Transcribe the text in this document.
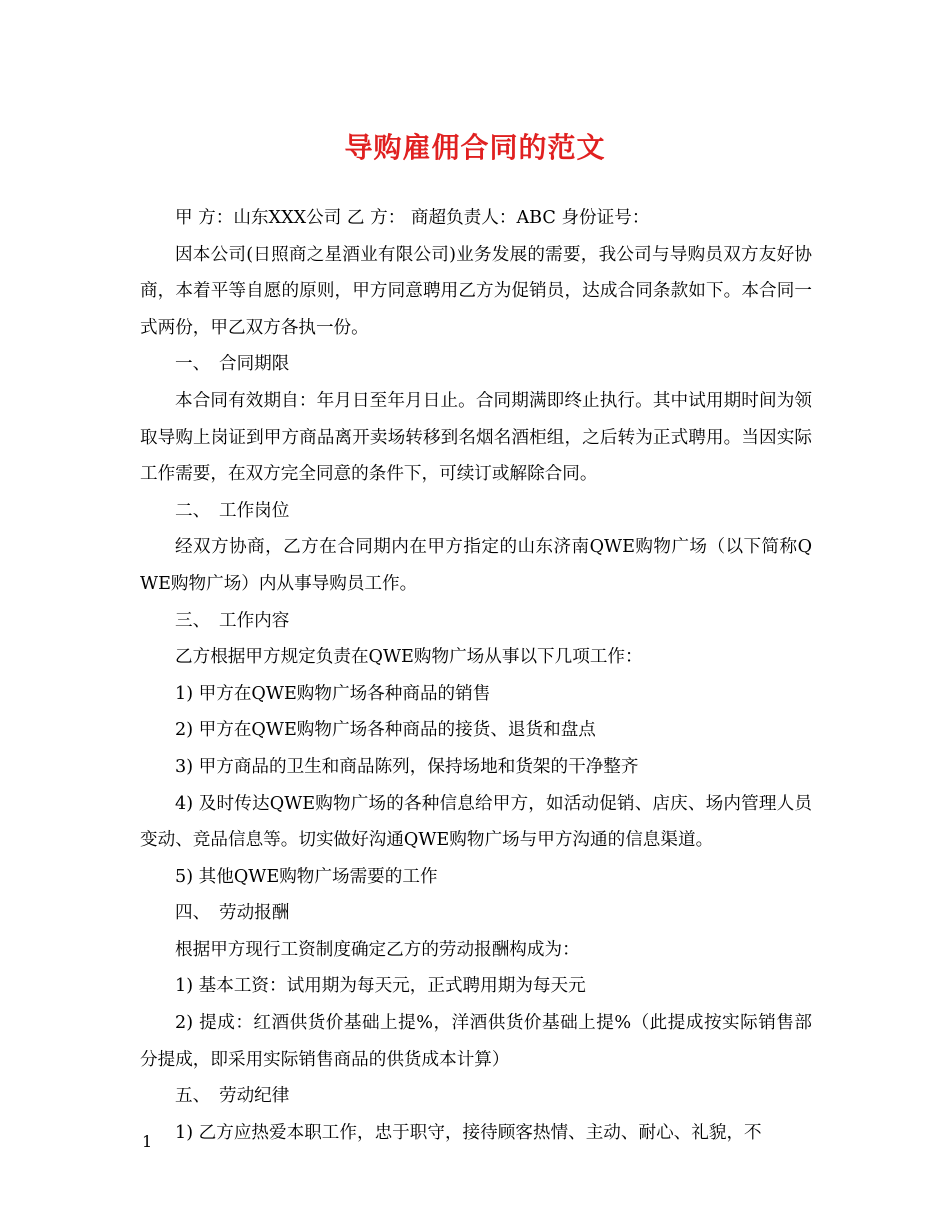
导购雇佣合同的范文

甲 方：山东XXX公司 乙 方： 商超负责人：ABC 身份证号：

因本公司(日照商之星酒业有限公司)业务发展的需要，我公司与导购员双方友好协商，本着平等自愿的原则，甲方同意聘用乙方为促销员，达成合同条款如下。本合同一式两份，甲乙双方各执一份。

一、　合同期限

本合同有效期自：年月日至年月日止。合同期满即终止执行。其中试用期时间为领取导购上岗证到甲方商品离开卖场转移到名烟名酒柜组，之后转为正式聘用。当因实际工作需要，在双方完全同意的条件下，可续订或解除合同。

二、　工作岗位

经双方协商，乙方在合同期内在甲方指定的山东济南QWE购物广场（以下简称QWE购物广场）内从事导购员工作。

三、　工作内容

乙方根据甲方规定负责在QWE购物广场从事以下几项工作：

1) 甲方在QWE购物广场各种商品的销售

2) 甲方在QWE购物广场各种商品的接货、退货和盘点

3) 甲方商品的卫生和商品陈列，保持场地和货架的干净整齐

4) 及时传达QWE购物广场的各种信息给甲方，如活动促销、店庆、场内管理人员变动、竞品信息等。切实做好沟通QWE购物广场与甲方沟通的信息渠道。

5) 其他QWE购物广场需要的工作

四、　劳动报酬

根据甲方现行工资制度确定乙方的劳动报酬构成为：

1) 基本工资：试用期为每天元，正式聘用期为每天元

2) 提成：红酒供货价基础上提%，洋酒供货价基础上提%（此提成按实际销售部分提成，即采用实际销售商品的供货成本计算）

五、　劳动纪律

1) 乙方应热爱本职工作，忠于职守，接待顾客热情、主动、耐心、礼貌，不

1
